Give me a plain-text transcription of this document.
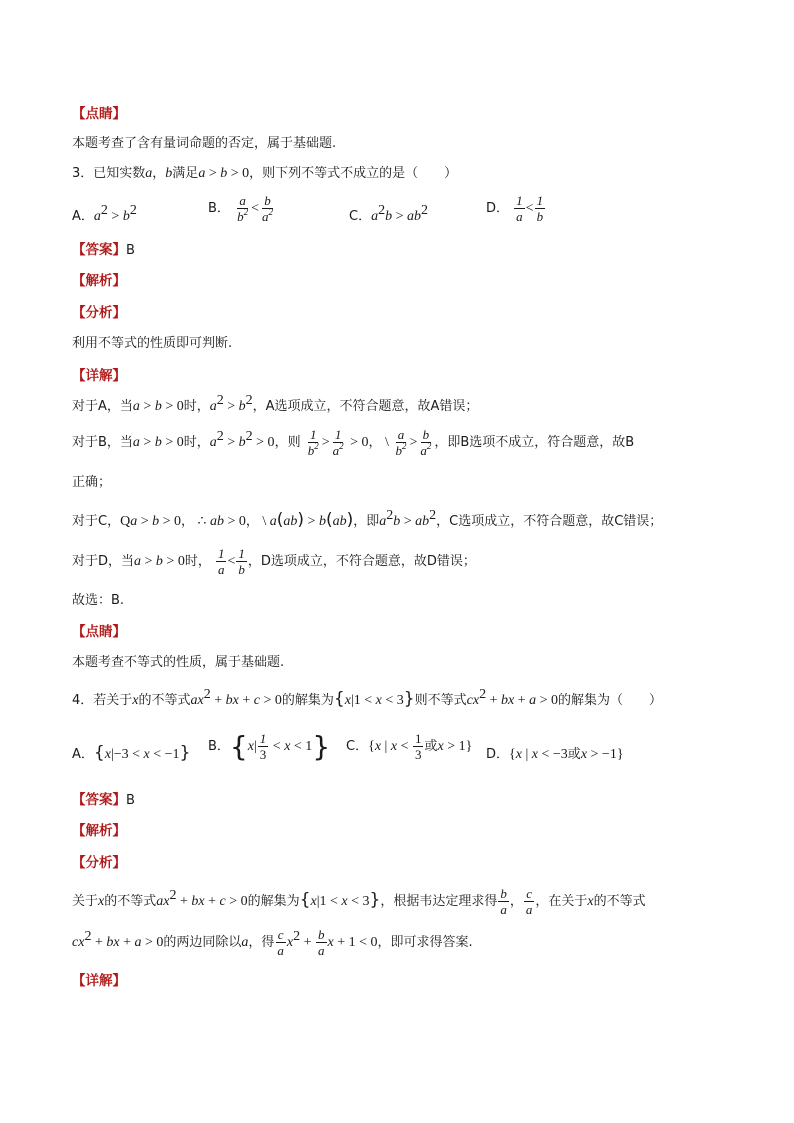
【点睛】
本题考查了含有量词命题的否定，属于基础题.
3．已知实数a，b满足a > b > 0，则下列不等式不成立的是（　　）
A．$a^2 > b^2$	B． $\frac{a}{b^2} < \frac{b}{a^2}$	C．$a^2b > ab^2$	D． $\frac{1}{a} < \frac{1}{b}$
【答案】B
【解析】
【分析】
利用不等式的性质即可判断.
【详解】
对于A，当a > b > 0时，$a^2 > b^2$，A选项成立，不符合题意，故A错误；
对于B，当a > b > 0时，$a^2 > b^2 > 0$，则 $\frac{1}{b^2} > \frac{1}{a^2} > 0$， \ $\frac{a}{b^2} > \frac{b}{a^2}$ ，即B选项不成立，符合题意，故B
正确；
对于C，Qa > b > 0， ∴ ab > 0， \ a(ab) > b(ab)，即$a^2b > ab^2$，C选项成立，不符合题意，故C错误；
对于D，当a > b > 0时， $\frac{1}{a} < \frac{1}{b}$ ，D选项成立，不符合题意，故D错误；
故选：B.
【点睛】
本题考查不等式的性质，属于基础题.
4．若关于x的不等式$ax^2$ + bx + c > 0的解集为{x|1 < x < 3}则不等式$cx^2$ + bx + a > 0的解集为（　　）
A．{x|−3 < x < −1} B．$\{x| \frac{1}{3} < x < 1\}$ C．{x | $x < \frac{1}{3}$ 或x > 1}
D．{x | x < −3或x > −1}
【答案】B
【解析】
【分析】
关于x的不等式$ax^2$ + bx + c > 0的解集为{x|1 < x < 3}，根据韦达定理求得 $\frac{b}{a}$ ， $\frac{c}{a}$ ，在关于x的不等式
$cx^2$ + bx + a > 0的两边同除以a，得 $\frac{c}{a} x^2 + \frac{b}{a}$ x + 1 < 0，即可求得答案.
【详解】
